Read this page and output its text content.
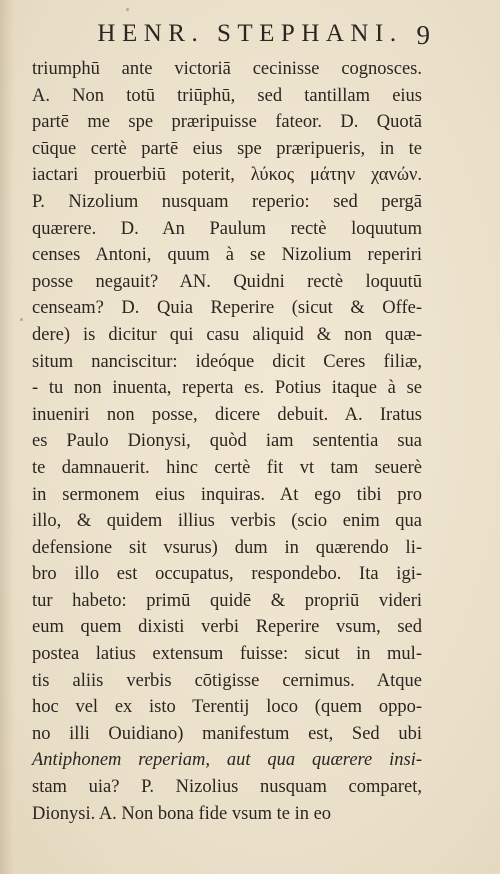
HENR. STEPHANI. 9
triumphū ante victoriā cecinisse cognosces.
A. Non totū triūphū, sed tantillam eius
partē me spe præripuisse fateor. D. Quotā
cūque certè partē eius spe præripueris, in te
iactari prouerbiū poterit, λύκος μάτην χανών.
P. Nizolium nusquam reperio: sed pergā
quærere. D. An Paulum rectè loquutum
censes Antoni, quum à se Nizolium reperiri
posse negauit? AN. Quidni rectè loquutū
censeam? D. Quia Reperire (sicut & Offe-
dere) is dicitur qui casu aliquid & non quæ-
situm nanciscitur: ideóque dicit Ceres filiæ,
- tu non inuenta, reperta es. Potius itaque à se
inueniri non posse, dicere debuit. A. Iratus
es Paulo Dionysi, quòd iam sententia sua
te damnauerit. hinc certè fit vt tam seuerè
in sermonem eius inquiras. At ego tibi pro
illo, & quidem illius verbis (scio enim qua
defensione sit vsurus) dum in quærendo li-
bro illo est occupatus, respondebo. Ita igi-
tur habeto: primū quidē & propriū videri
eum quem dixisti verbi Reperire vsum, sed
postea latius extensum fuisse: sicut in mul-
tis aliis verbis cōtigisse cernimus. Atque
hoc vel ex isto Terentij loco (quem oppo-
no illi Ouidiano) manifestum est, Sed ubi
Antiphonem reperiam, aut qua quærere insi-
stam uia? P. Nizolius nusquam comparet,
Dionysi. A. Non bona fide vsum te in eo
